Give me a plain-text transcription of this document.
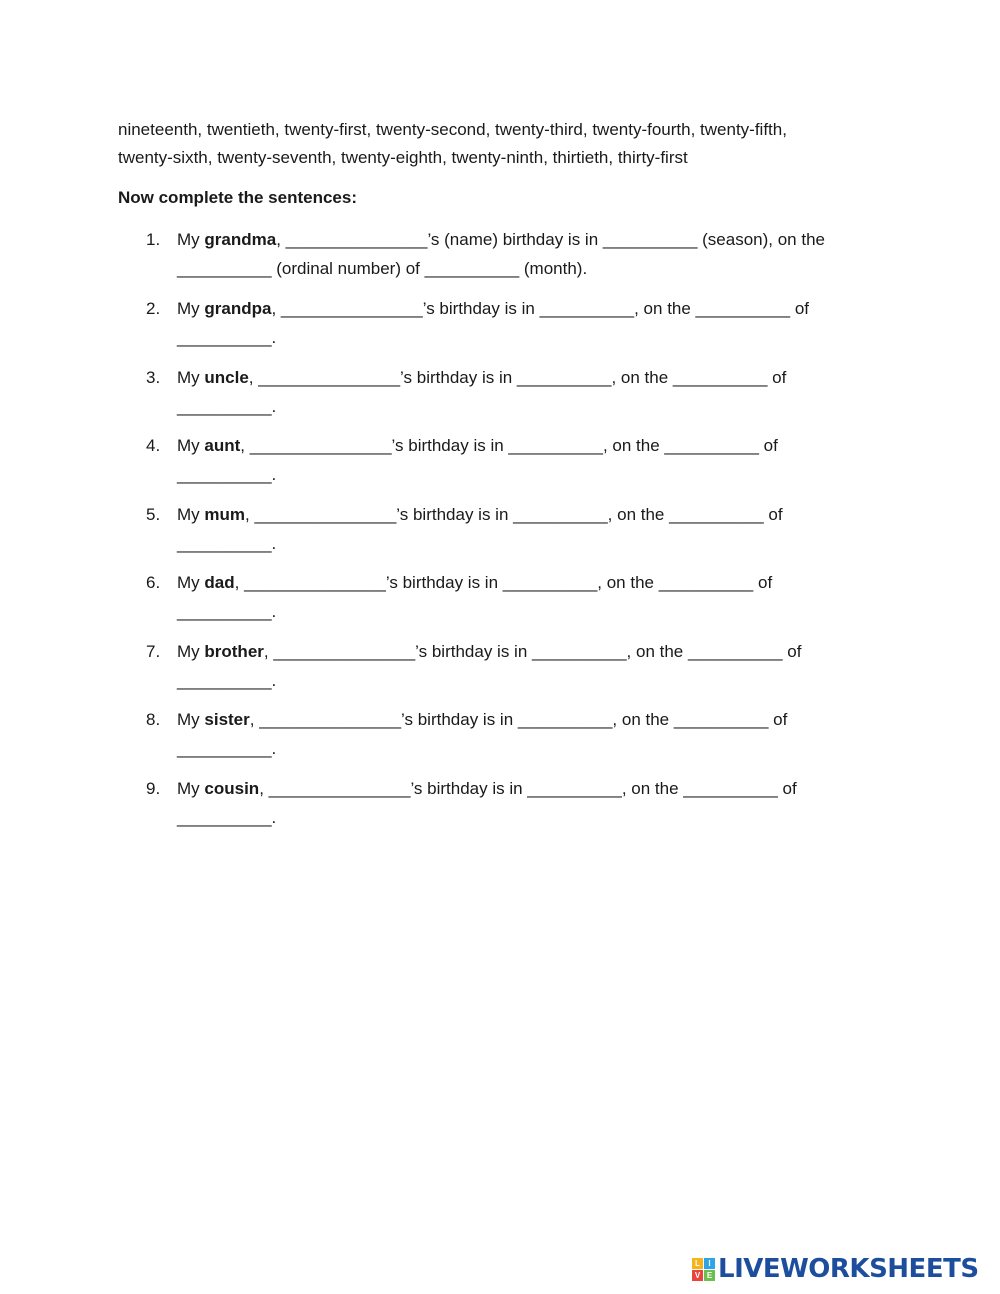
nineteenth, twentieth, twenty-first, twenty-second, twenty-third, twenty-fourth, twenty-fifth,
twenty-sixth, twenty-seventh, twenty-eighth, twenty-ninth, thirtieth, thirty-first
Now complete the sentences:
1. My grandma, _______________’s (name) birthday is in __________ (season), on the
__________ (ordinal number) of __________ (month).
2. My grandpa, _______________’s birthday is in __________, on the __________ of
__________.
3. My uncle, _______________’s birthday is in __________, on the __________ of
__________.
4. My aunt, _______________’s birthday is in __________, on the __________ of
__________.
5. My mum, _______________’s birthday is in __________, on the __________ of
__________.
6. My dad, _______________’s birthday is in __________, on the __________ of
__________.
7. My brother, _______________’s birthday is in __________, on the __________ of
__________.
8. My sister, _______________’s birthday is in __________, on the __________ of
__________.
9. My cousin, _______________’s birthday is in __________, on the __________ of
__________.
L	I
V E LIVEWORKSHEETS
